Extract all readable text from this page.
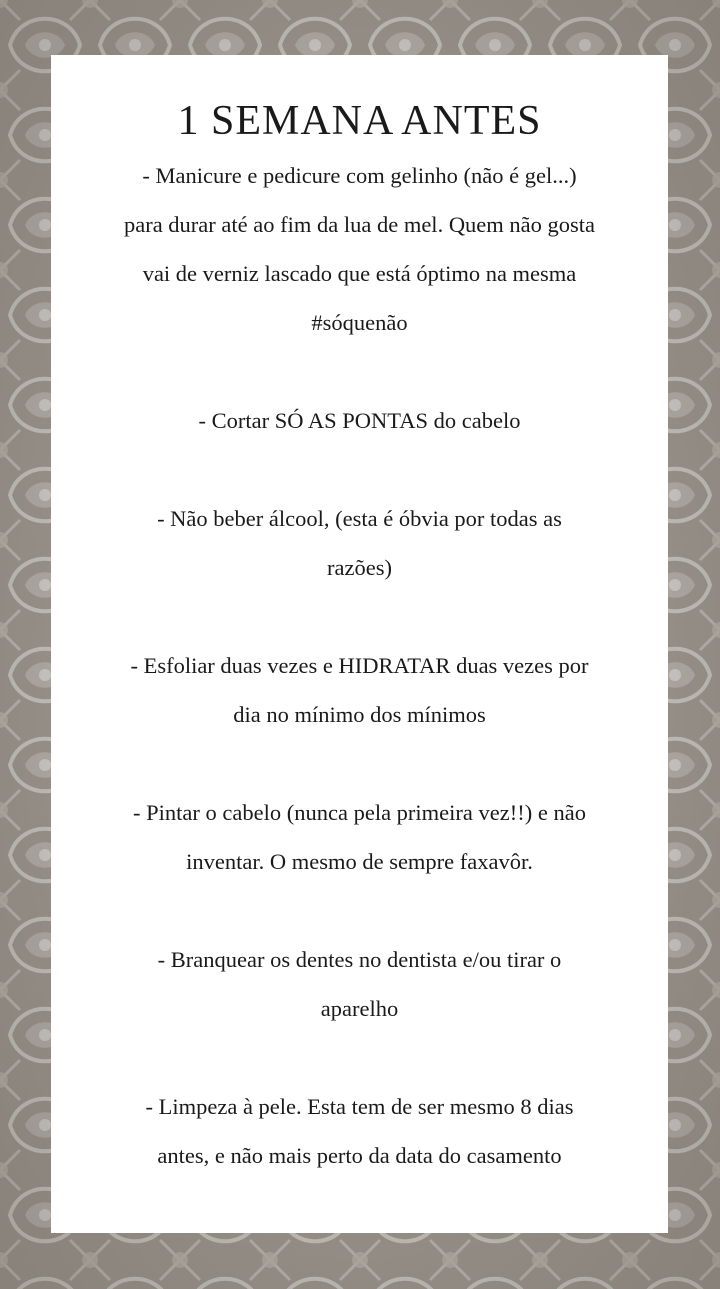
1 SEMANA ANTES

- Manicure e pedicure com gelinho (não é gel...)

para durar até ao fim da lua de mel. Quem não gosta

vai de verniz lascado que está óptimo na mesma

#sóquenão

- Cortar SÓ AS PONTAS do cabelo

- Não beber álcool, (esta é óbvia por todas as

razões)

- Esfoliar duas vezes e HIDRATAR duas vezes por

dia no mínimo dos mínimos

- Pintar o cabelo (nunca pela primeira vez!!) e não

inventar. O mesmo de sempre faxavôr.

- Branquear os dentes no dentista e/ou tirar o

aparelho

- Limpeza à pele. Esta tem de ser mesmo 8 dias

antes, e não mais perto da data do casamento
